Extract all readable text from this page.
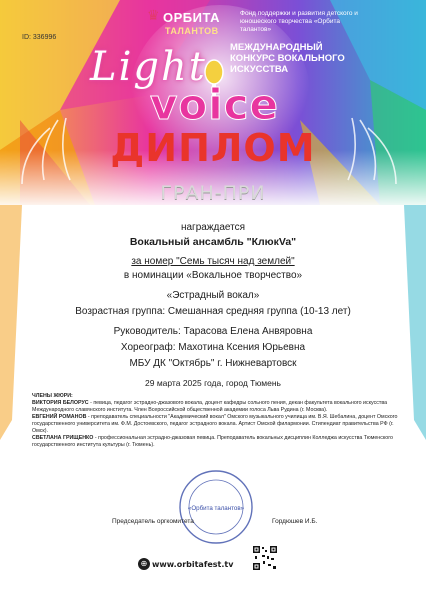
♛ ОРБИТА
ТАЛАНТОВ
Фонд поддержки и развития детского и юношеского творчества «Орбита талантов»
ID: 336996
МЕЖДУНАРОДНЫЙ КОНКУРС ВОКАЛЬНОГО ИСКУССТВА
Light
voice
ДИПЛОМ
ГРАН-ПРИ
награждается
Вокальный ансамбль "КлюкVa"
за номер "Семь тысяч над землей"
в номинации «Вокальное творчество»
«Эстрадный вокал»
Возрастная группа: Смешанная средняя группа (10-13 лет)
Руководитель: Тарасова Елена Анвяровна
Хореограф: Махотина Ксения Юрьевна
МБУ ДК "Октябрь" г. Нижневартовск
29 марта 2025 года, город Тюмень
ЧЛЕНЫ ЖЮРИ:
ВИКТОРИЯ БЕЛОРУС - певица, педагог эстрадно-джазового вокала, доцент кафедры сольного пения, декан факультета вокального искусства Международного славянского института. Член Всероссийской общественной академии голоса Льва Рудина (г. Москва).
ЕВГЕНИЙ РОМАНОВ - преподаватель специальности "Академический вокал" Омского музыкального училища им. В.Я. Шебалина, доцент Омского государственного университета им. Ф.М. Достоевского, педагог эстрадного вокала. Артист Омской филармонии. Стипендиат правительства РФ (г. Омск).
СВЕТЛАНА ГРИЩЕНКО - профессиональная эстрадно-джазовая певица. Преподаватель вокальных дисциплин Колледжа искусства Тюменского государственного института культуры (г. Тюмень).
«Орбита талантов»
Председатель оргкомитета	Гордюшев И.Б.
⊕ www.orbitafest.tv
